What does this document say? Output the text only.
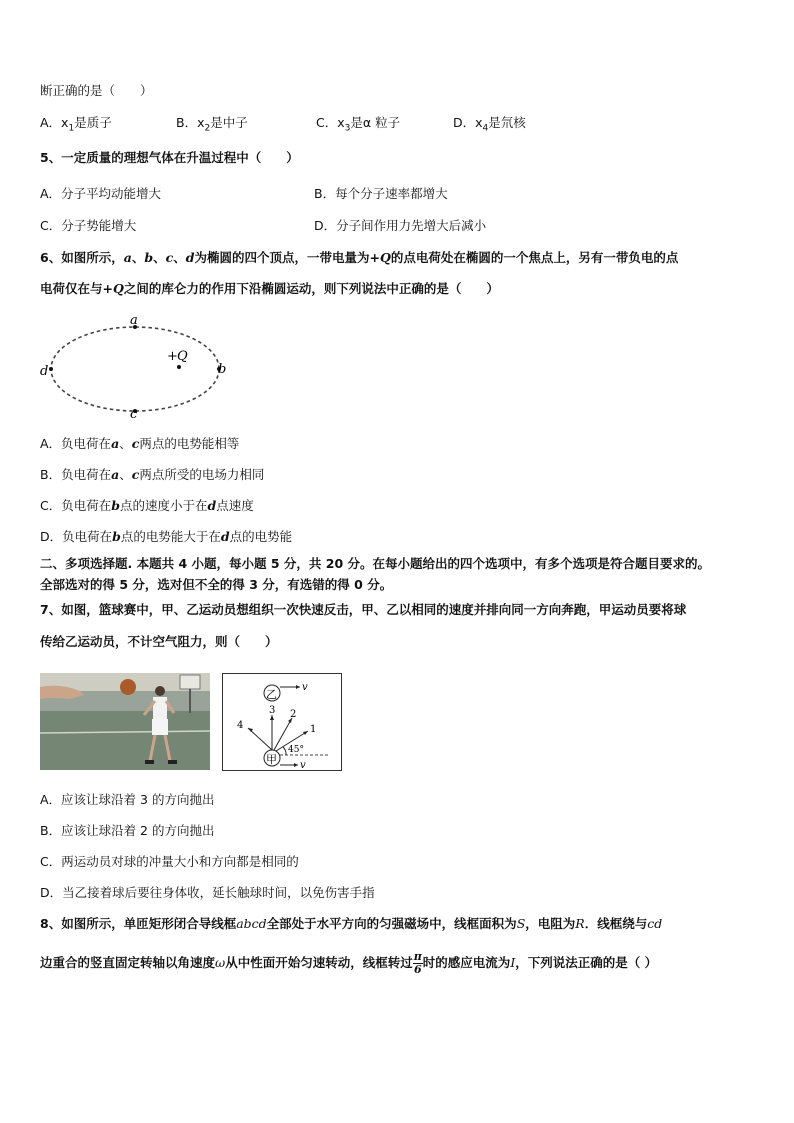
断正确的是（　　）
A．$x_1$是质子	B．$x_2$是中子	C．$x_3$是α 粒子	D．$x_4$是氘核
5、一定质量的理想气体在升温过程中（　　）
A．分子平均动能增大	B．每个分子速率都增大
C．分子势能增大	D．分子间作用力先增大后减小
6、如图所示，a、b、c、d为椭圆的四个顶点，一带电量为+Q的点电荷处在椭圆的一个焦点上，另有一带负电的点
电荷仅在与+Q之间的库仑力的作用下沿椭圆运动，则下列说法中正确的是（　　）
a
b
c
d
+ Q
A．负电荷在a、c两点的电势能相等
B．负电荷在a、c两点所受的电场力相同
C．负电荷在b点的速度小于在d点速度
D．负电荷在b点的电势能大于在d点的电势能
二、多项选择题. 本题共 4 小题，每小题 5 分，共 20 分。在每小题给出的四个选项中，有多个选项是符合题目要求的。
全部选对的得 5 分，选对但不全的得 3 分，有选错的得 0 分。
7、如图，篮球赛中，甲、乙运动员想组织一次快速反击，甲、乙以相同的速度并排向同一方向奔跑，甲运动员要将球
传给乙运动员，不计空气阻力，则（　　）
乙
v
甲 v
4
3 2
1
45°
A．应该让球沿着 3 的方向抛出
B．应该让球沿着 2 的方向抛出
C．两运动员对球的冲量大小和方向都是相同的
D．当乙接着球后要往身体收，延长触球时间，以免伤害手指
8、如图所示，单匝矩形闭合导线框abcd全部处于水平方向的匀强磁场中，线框面积为S，电阻为R．线框绕与cd
边重合的竖直固定转轴以角速度ω从中性面开始匀速转动，线框转过 $\frac{\pi}{6}$ 时的感应电流为I，下列说法正确的是（ ）
